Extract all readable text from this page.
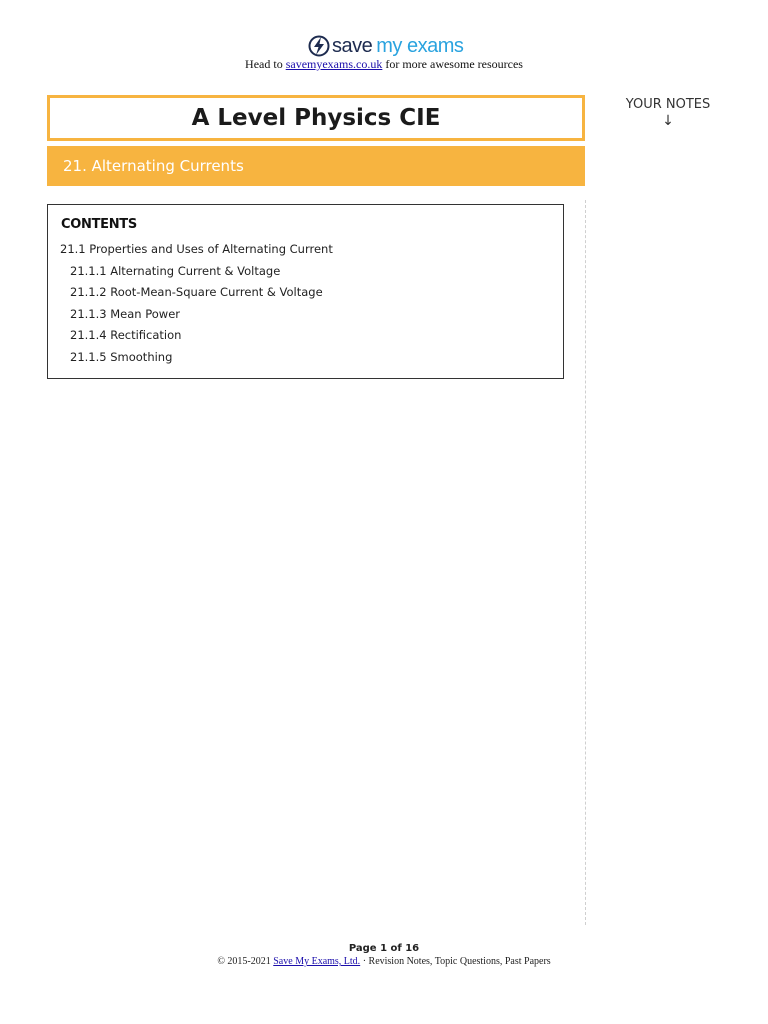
save my exams
Head to savemyexams.co.uk for more awesome resources
A Level Physics CIE
21. Alternating Currents
YOUR NOTES
↓
CONTENTS
21.1 Properties and Uses of Alternating Current
21.1.1 Alternating Current & Voltage
21.1.2 Root-Mean-Square Current & Voltage
21.1.3 Mean Power
21.1.4 Rectification
21.1.5 Smoothing
Page 1 of 16
© 2015-2021 Save My Exams, Ltd. · Revision Notes, Topic Questions, Past Papers
